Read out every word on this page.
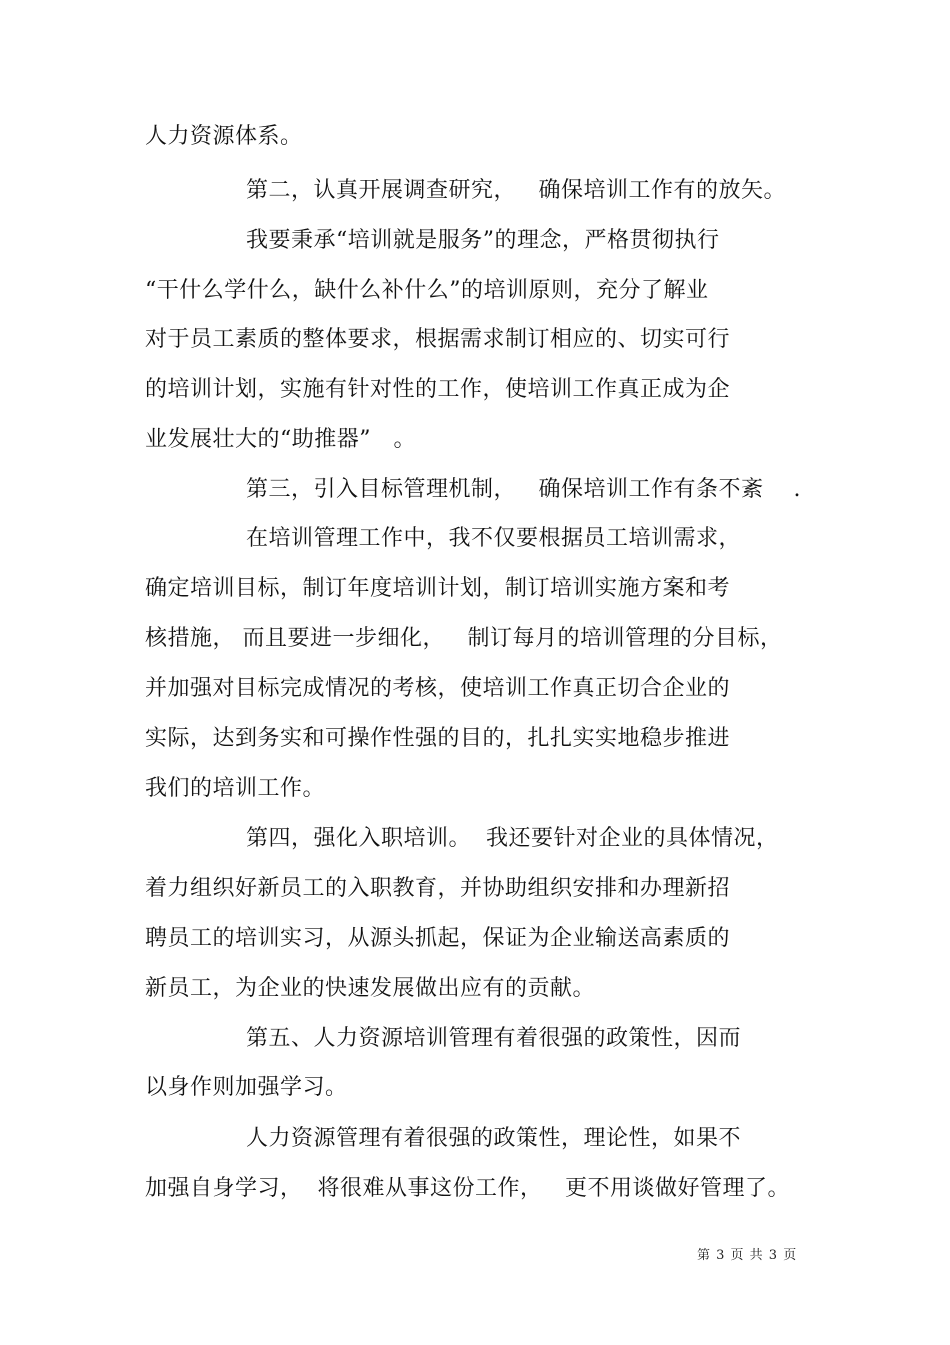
人力资源体系。
第二，认真开展调查研究，   确保培训工作有的放矢。
我要秉承“培训就是服务”的理念，严格贯彻执行
“干什么学什么，缺什么补什么”的培训原则，充分了解业
对于员工素质的整体要求，根据需求制订相应的、切实可行
的培训计划，实施有针对性的工作，使培训工作真正成为企
业发展壮大的“助推器”   。
第三，引入目标管理机制，   确保培训工作有条不紊    .
在培训管理工作中，我不仅要根据员工培训需求，
确定培训目标，制订年度培训计划，制订培训实施方案和考
核措施， 而且要进一步细化，   制订每月的培训管理的分目标，
并加强对目标完成情况的考核，使培训工作真正切合企业的
实际，达到务实和可操作性强的目的，扎扎实实地稳步推进
我们的培训工作。
第四，强化入职培训。  我还要针对企业的具体情况，
着力组织好新员工的入职教育，并协助组织安排和办理新招
聘员工的培训实习，从源头抓起，保证为企业输送高素质的
新员工，为企业的快速发展做出应有的贡献。
第五、人力资源培训管理有着很强的政策性，因而
以身作则加强学习。
人力资源管理有着很强的政策性，理论性，如果不
加强自身学习，  将很难从事这份工作，   更不用谈做好管理了。
第 3 页 共 3 页
